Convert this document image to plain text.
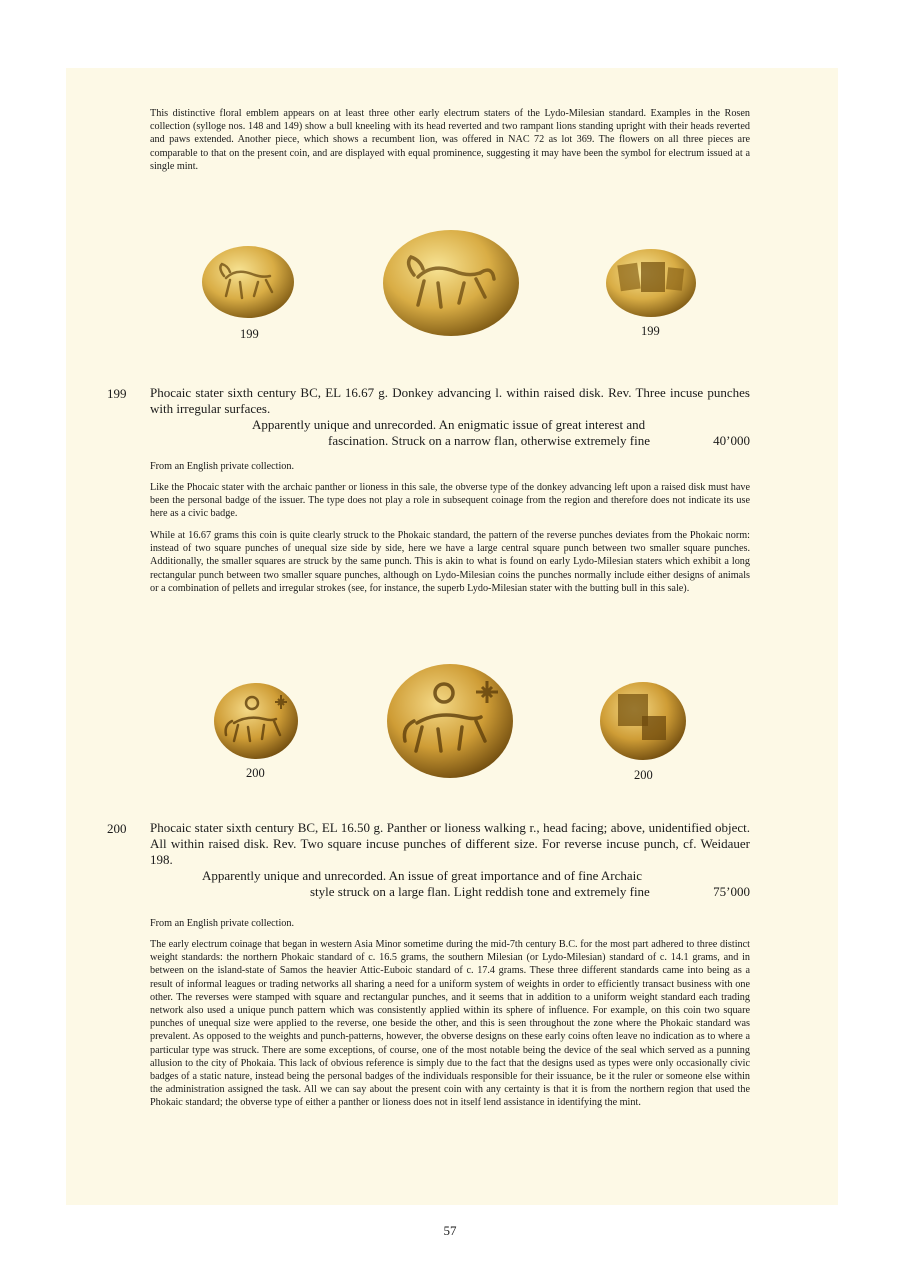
This distinctive floral emblem appears on at least three other early electrum staters of the Lydo-Milesian standard. Examples in the Rosen collection (sylloge nos. 148 and 149) show a bull kneeling with its head reverted and two rampant lions standing upright with their heads reverted and paws extended. Another piece, which shows a recumbent lion, was offered in NAC 72 as lot 369. The flowers on all three pieces are comparable to that on the present coin, and are displayed with equal prominence, suggesting it may have been the symbol for electrum issued at a single mint.

199	199
199 Phocaic stater sixth century BC, EL 16.67 g. Donkey advancing l. within raised disk. Rev. Three incuse punches with irregular surfaces.

Apparently unique and unrecorded. An enigmatic issue of great interest and
fascination. Struck on a narrow flan, otherwise extremely fine	40’000

From an English private collection.

Like the Phocaic stater with the archaic panther or lioness in this sale, the obverse type of the donkey advancing left upon a raised disk must have been the personal badge of the issuer. The type does not play a role in subsequent coinage from the region and therefore does not indicate its use here as a civic badge.

While at 16.67 grams this coin is quite clearly struck to the Phokaic standard, the pattern of the reverse punches deviates from the Phokaic norm: instead of two square punches of unequal size side by side, here we have a large central square punch between two smaller square punches. Additionally, the smaller squares are struck by the same punch. This is akin to what is found on early Lydo-Milesian staters which exhibit a long rectangular punch between two smaller square punches, although on Lydo-Milesian coins the punches normally include either designs of animals or a combination of pellets and irregular strokes (see, for instance, the superb Lydo-Milesian stater with the butting bull in this sale).

200	200
200 Phocaic stater sixth century BC, EL 16.50 g. Panther or lioness walking r., head facing; above, unidentified object. All within raised disk. Rev. Two square incuse punches of different size. For reverse incuse punch, cf. Weidauer 198.

Apparently unique and unrecorded. An issue of great importance and of fine Archaic
style struck on a large flan. Light reddish tone and extremely fine	75’000

From an English private collection.

The early electrum coinage that began in western Asia Minor sometime during the mid-7th century B.C. for the most part adhered to three distinct weight standards: the northern Phokaic standard of c. 16.5 grams, the southern Milesian (or Lydo-Milesian) standard of c. 14.1 grams, and in between on the island-state of Samos the heavier Attic-Euboic standard of c. 17.4 grams. These three different standards came into being as a result of informal leagues or trading networks all sharing a need for a uniform system of weights in order to efficiently transact business with one other. The reverses were stamped with square and rectangular punches, and it seems that in addition to a uniform weight standard each trading network also used a unique punch pattern which was consistently applied within its sphere of influence. For example, on this coin two square punches of unequal size were applied to the reverse, one beside the other, and this is seen throughout the zone where the Phokaic standard was prevalent. As opposed to the weights and punch-patterns, however, the obverse designs on these early coins often leave no indication as to where a particular type was struck. There are some exceptions, of course, one of the most notable being the device of the seal which served as a punning allusion to the city of Phokaia. This lack of obvious reference is simply due to the fact that the designs used as types were only occasionally civic badges of a static nature, instead being the personal badges of the individuals responsible for their issuance, be it the ruler or someone else within the administration assigned the task. All we can say about the present coin with any certainty is that it is from the northern region that used the Phokaic standard; the obverse type of either a panther or lioness does not in itself lend assistance in identifying the mint.

57
